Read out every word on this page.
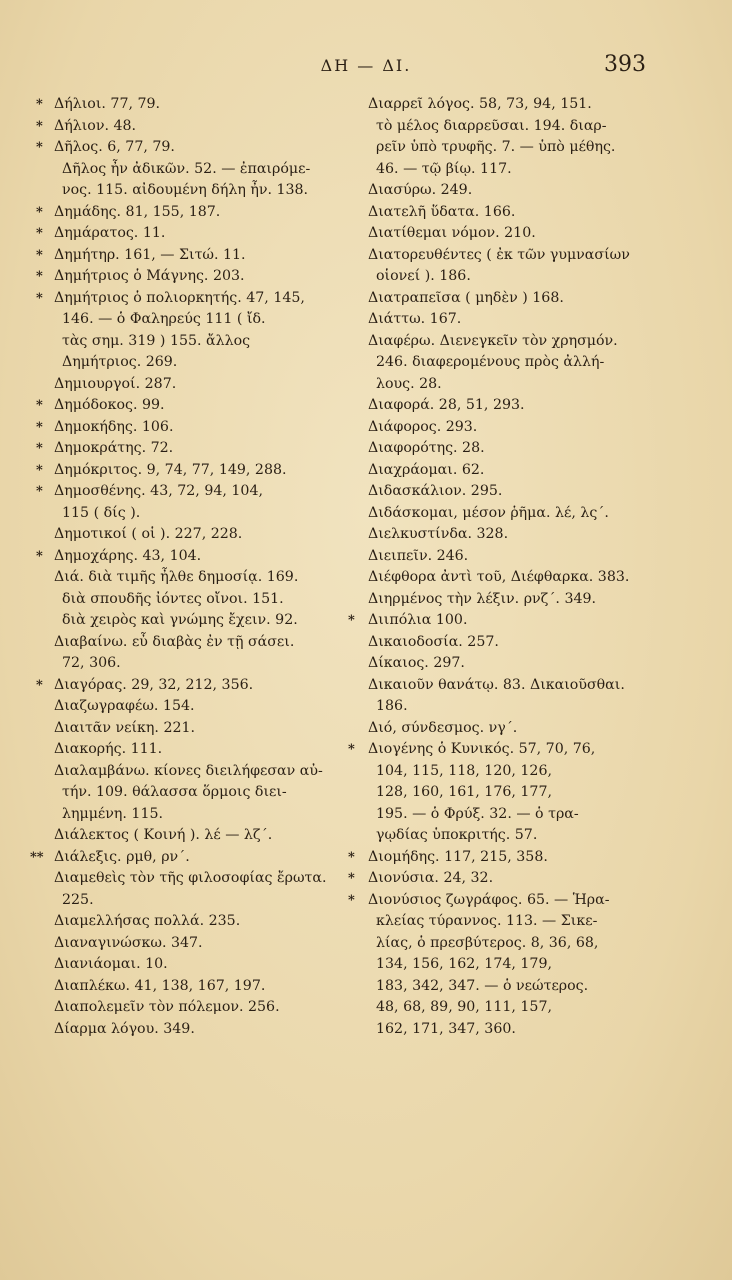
ΔΗ — ΔΙ.	393
* Δήλιοι. 77, 79.
* Δήλιον. 48.
* Δῆλος. 6, 77, 79.
Δῆλος ἦν ἀδικῶν. 52. — ἐπαιρόμε-
νος. 115. αἰδουμένη δήλη ἦν. 138.
* Δημάδης. 81, 155, 187.
* Δημάρατος. 11.
* Δημήτηρ. 161, — Σιτώ. 11.
* Δημήτριος ὁ Μάγνης. 203.
* Δημήτριος ὁ πολιορκητής. 47, 145,
146. — ὁ Φαληρεύς 111 ( ἴδ.
τὰς σημ. 319 ) 155. ἄλλος
Δημήτριος. 269.
Δημιουργοί. 287.
* Δημόδοκος. 99.
* Δημοκήδης. 106.
* Δημοκράτης. 72.
* Δημόκριτος. 9, 74, 77, 149, 288.
* Δημοσθένης. 43, 72, 94, 104,
115 ( δίς ).
Δημοτικοί ( οἱ ). 227, 228.
* Δημοχάρης. 43, 104.
Διά. διὰ τιμῆς ἦλθε δημοσίᾳ. 169.
διὰ σπουδῆς ἰόντες οἴνοι. 151.
διὰ χειρὸς καὶ γνώμης ἔχειν. 92.
Διαβαίνω. εὖ διαβὰς ἐν τῇ σάσει.
72, 306.
* Διαγόρας. 29, 32, 212, 356.
Διαζωγραφέω. 154.
Διαιτᾶν νείκη. 221.
Διακορής. 111.
Διαλαμβάνω. κίονες διειλήφεσαν αὐ-
τήν. 109. θάλασσα ὅρμοις διει-
λημμένη. 115.
Διάλεκτος ( Κοινή ). λέ — λζ΄.
** Διάλεξις. ρμθ, ρν΄.
Διαμεθεὶς τὸν τῆς φιλοσοφίας ἔρωτα.
225.
Διαμελλήσας πολλά. 235.
Διαναγινώσκω. 347.
Διανιάομαι. 10.
Διαπλέκω. 41, 138, 167, 197.
Διαπολεμεῖν τὸν πόλεμον. 256.
Δίαρμα λόγου. 349.
Διαρρεῖ λόγος. 58, 73, 94, 151.
τὸ μέλος διαρρεῦσαι. 194. διαρ-
ρεῖν ὑπὸ τρυφῆς. 7. — ὑπὸ μέθης.
46. — τῷ βίῳ. 117.
Διασύρω. 249.
Διατελῆ ὕδατα. 166.
Διατίθεμαι νόμον. 210.
Διατορευθέντες ( ἐκ τῶν γυμνασίων
οἱονεί ). 186.
Διατραπεῖσα ( μηδὲν ) 168.
Διάττω. 167.
Διαφέρω. Διενεγκεῖν τὸν χρησμόν.
246. διαφερομένους πρὸς ἀλλή-
λους. 28.
Διαφορά. 28, 51, 293.
Διάφορος. 293.
Διαφορότης. 28.
Διαχράομαι. 62.
Διδασκάλιον. 295.
Διδάσκομαι, μέσον ῥῆμα. λέ, λς΄.
Διελκυστίνδα. 328.
Διειπεῖν. 246.
Διέφθορα ἀντὶ τοῦ, Διέφθαρκα. 383.
Διηρμένος τὴν λέξιν. ρνζ΄. 349.
* Διιπόλια 100.
Δικαιοδοσία. 257.
Δίκαιος. 297.
Δικαιοῦν θανάτῳ. 83. Δικαιοῦσθαι.
186.
Διό, σύνδεσμος. νγ΄.
* Διογένης ὁ Κυνικός. 57, 70, 76,
104, 115, 118, 120, 126,
128, 160, 161, 176, 177,
195. — ὁ Φρύξ. 32. — ὁ τρα-
γῳδίας ὑποκριτής. 57.
* Διομήδης. 117, 215, 358.
* Διονύσια. 24, 32.
* Διονύσιος ζωγράφος. 65. — Ἡρα-
κλείας τύραννος. 113. — Σικε-
λίας, ὁ πρεσβύτερος. 8, 36, 68,
134, 156, 162, 174, 179,
183, 342, 347. — ὁ νεώτερος.
48, 68, 89, 90, 111, 157,
162, 171, 347, 360.
